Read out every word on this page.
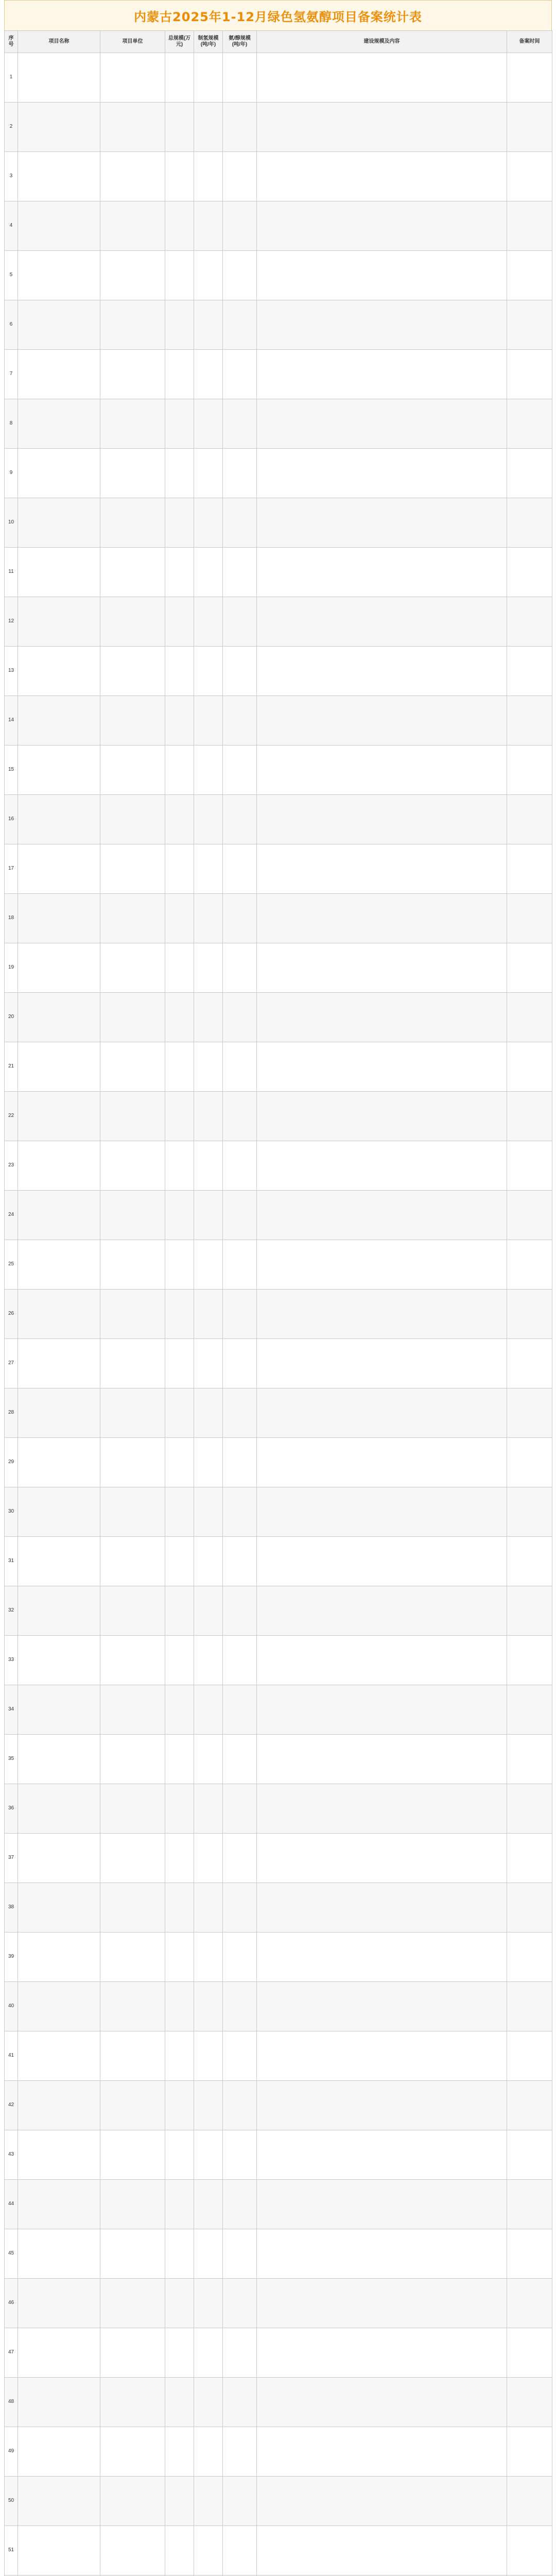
内蒙古2025年1-12月绿色氢氨醇项目备案统计表
序号	项目名称	项目单位	总规模(万元)	制氢规模(吨/年)	氨/醇规模(吨/年)	建设规模及内容	备案时间
1							
2							
3							
4							
5							
6							
7							
8							
9							
10							
11							
12							
13							
14							
15							
16							
17							
18							
19							
20							
21							
22							
23							
24							
25							
26							
27							
28							
29							
30							
31							
32							
33							
34							
35							
36							
37							
38							
39							
40							
41							
42							
43							
44							
45							
46							
47							
48							
49							
50							
51							
